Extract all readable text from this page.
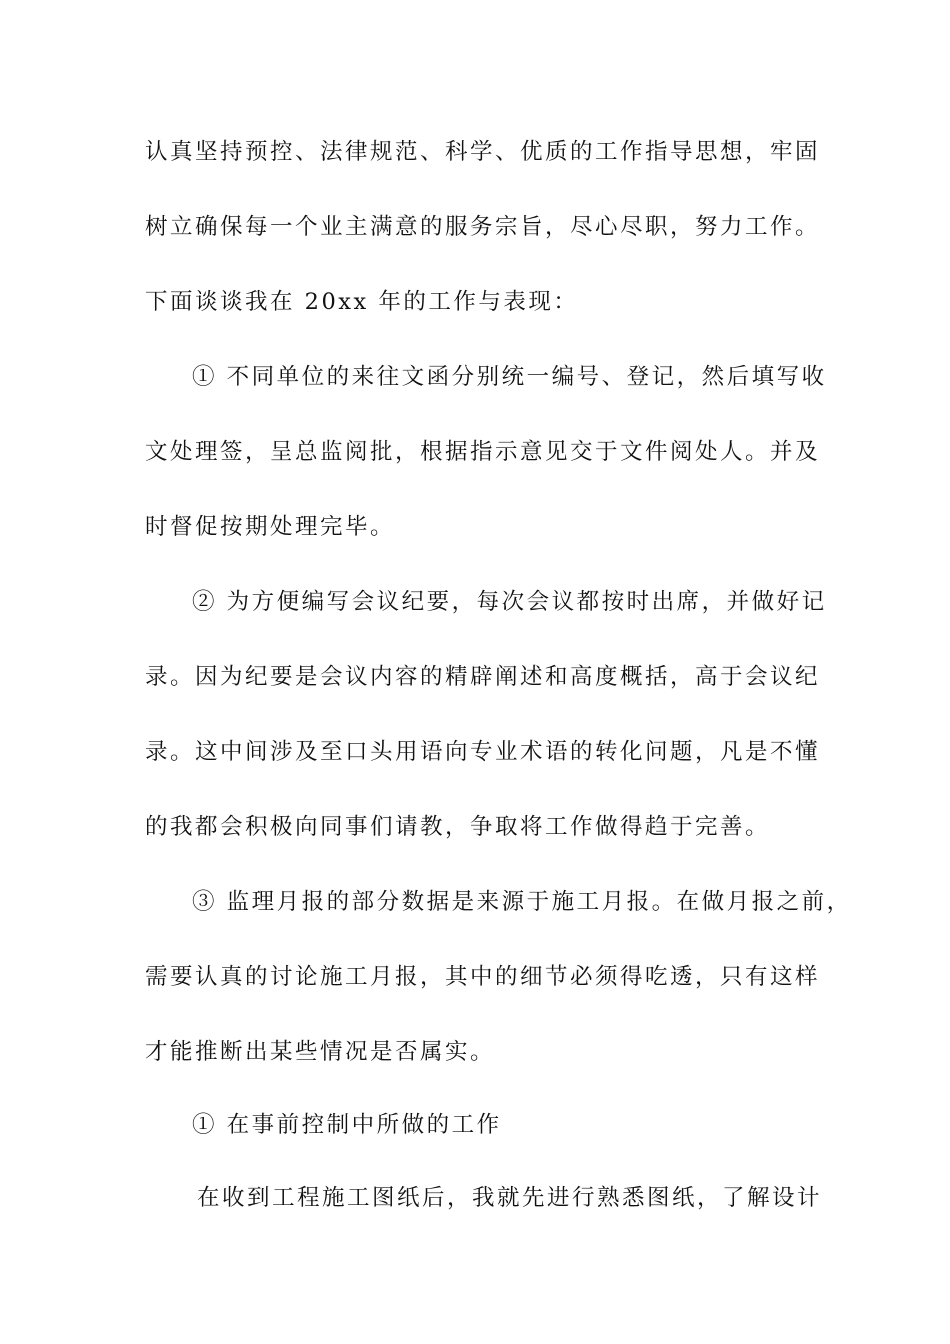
认真坚持预控、法律规范、科学、优质的工作指导思想，牢固
树立确保每一个业主满意的服务宗旨，尽心尽职，努力工作。
下面谈谈我在 20xx 年的工作与表现：
① 不同单位的来往文函分别统一编号、登记，然后填写收
文处理签，呈总监阅批，根据指示意见交于文件阅处人。并及
时督促按期处理完毕。
② 为方便编写会议纪要，每次会议都按时出席，并做好记
录。因为纪要是会议内容的精辟阐述和高度概括，高于会议纪
录。这中间涉及至口头用语向专业术语的转化问题，凡是不懂
的我都会积极向同事们请教，争取将工作做得趋于完善。
③ 监理月报的部分数据是来源于施工月报。在做月报之前，
需要认真的讨论施工月报，其中的细节必须得吃透，只有这样
才能推断出某些情况是否属实。
① 在事前控制中所做的工作
在收到工程施工图纸后，我就先进行熟悉图纸，了解设计
